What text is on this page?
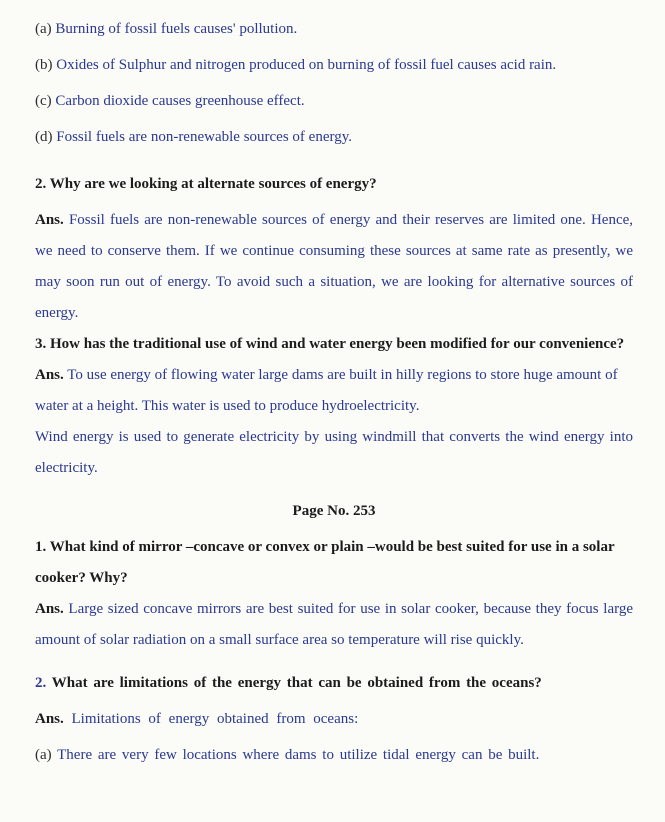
(a) Burning of fossil fuels causes' pollution.

(b) Oxides of Sulphur and nitrogen produced on burning of fossil fuel causes acid rain.

(c) Carbon dioxide causes greenhouse effect.

(d) Fossil fuels are non-renewable sources of energy.

2. Why are we looking at alternate sources of energy?

Ans. Fossil fuels are non-renewable sources of energy and their reserves are limited one. Hence, we need to conserve them. If we continue consuming these sources at same rate as presently, we may soon run out of energy. To avoid such a situation, we are looking for alternative sources of energy.

3. How has the traditional use of wind and water energy been modified for our convenience?

Ans. To use energy of flowing water large dams are built in hilly regions to store huge amount of water at a height. This water is used to produce hydroelectricity.

Wind energy is used to generate electricity by using windmill that converts the wind energy into electricity.

Page No. 253

1. What kind of mirror –concave or convex or plain –would be best suited for use in a solar cooker? Why?

Ans. Large sized concave mirrors are best suited for use in solar cooker, because they focus large amount of solar radiation on a small surface area so temperature will rise quickly.

2. What are limitations of the energy that can be obtained from the oceans?

Ans. Limitations of energy obtained from oceans:

(a) There are very few locations where dams to utilize tidal energy can be built.
